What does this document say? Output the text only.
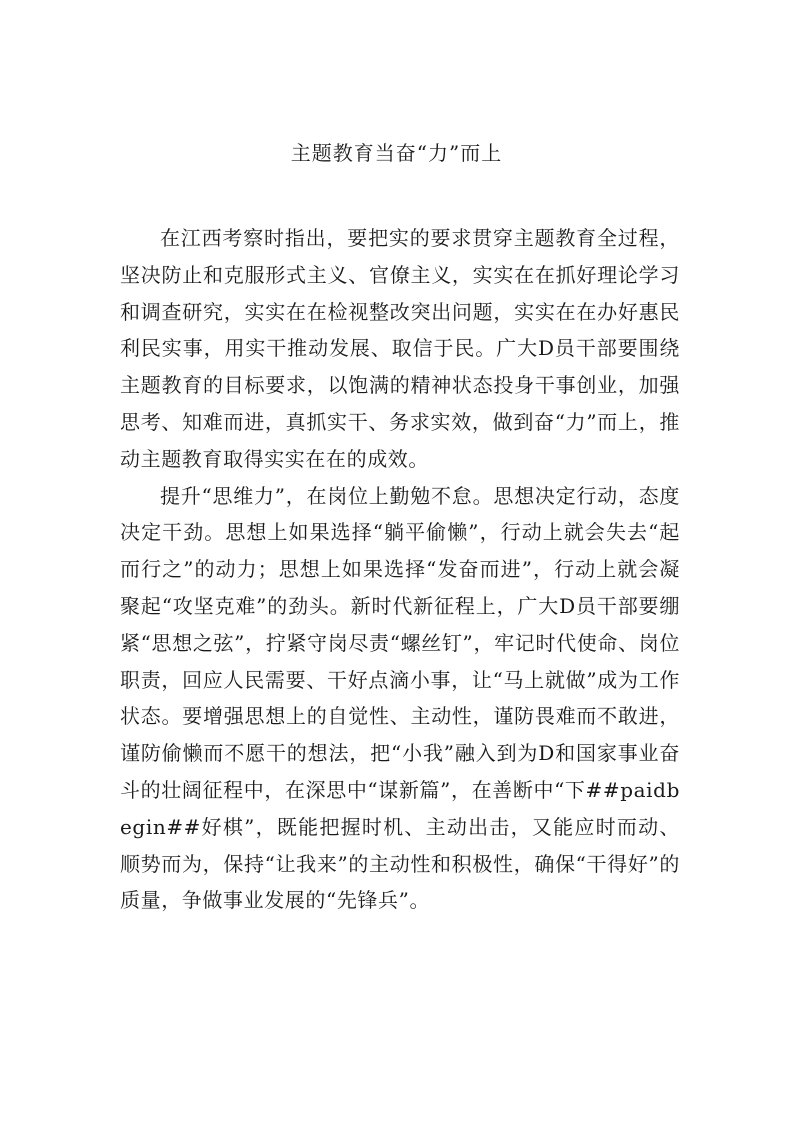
主题教育当奋“力”而上

在江西考察时指出，要把实的要求贯穿主题教育全过程，坚决防止和克服形式主义、官僚主义，实实在在抓好理论学习和调查研究，实实在在检视整改突出问题，实实在在办好惠民利民实事，用实干推动发展、取信于民。广大D员干部要围绕主题教育的目标要求，以饱满的精神状态投身干事创业，加强思考、知难而进，真抓实干、务求实效，做到奋“力”而上，推动主题教育取得实实在在的成效。

提升“思维力”，在岗位上勤勉不怠。思想决定行动，态度决定干劲。思想上如果选择“躺平偷懒”，行动上就会失去“起而行之”的动力；思想上如果选择“发奋而进”，行动上就会凝聚起“攻坚克难”的劲头。新时代新征程上，广大D员干部要绷紧“思想之弦”，拧紧守岗尽责“螺丝钉”，牢记时代使命、岗位职责，回应人民需要、干好点滴小事，让“马上就做”成为工作状态。要增强思想上的自觉性、主动性，谨防畏难而不敢进，谨防偷懒而不愿干的想法，把“小我”融入到为D和国家事业奋斗的壮阔征程中，在深思中“谋新篇”，在善断中“下##paidbegin##好棋”，既能把握时机、主动出击，又能应时而动、顺势而为，保持“让我来”的主动性和积极性，确保“干得好”的质量，争做事业发展的“先锋兵”。
